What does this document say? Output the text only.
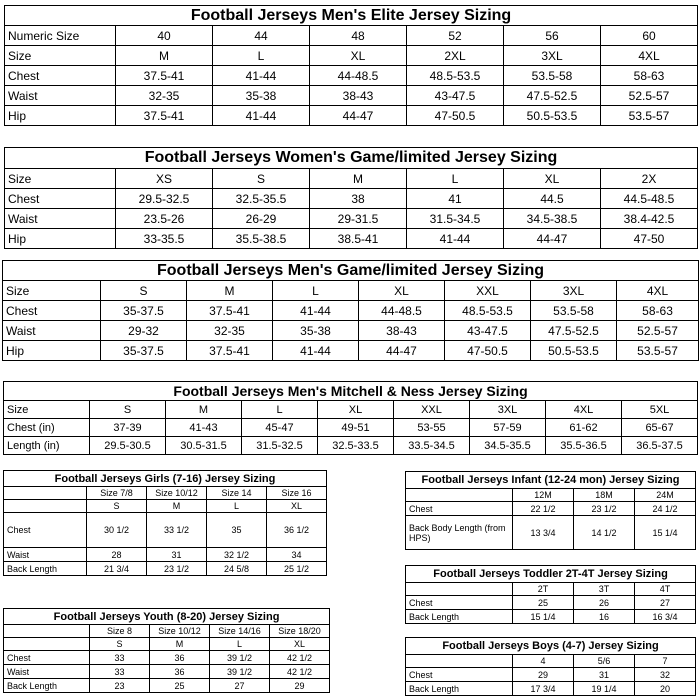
Football Jerseys Men's Elite Jersey Sizing						
Numeric Size	40	44	48	52	56	60
Size	M	L	XL	2XL	3XL	4XL
Chest	37.5-41	41-44	44-48.5	48.5-53.5	53.5-58	58-63
Waist	32-35	35-38	38-43	43-47.5	47.5-52.5	52.5-57
Hip	37.5-41	41-44	44-47	47-50.5	50.5-53.5	53.5-57
Football Jerseys Women's Game/limited Jersey Sizing						
Size	XS	S	M	L	XL	2X
Chest	29.5-32.5	32.5-35.5	38	41	44.5	44.5-48.5
Waist	23.5-26	26-29	29-31.5	31.5-34.5	34.5-38.5	38.4-42.5
Hip	33-35.5	35.5-38.5	38.5-41	41-44	44-47	47-50
Football Jerseys Men's Game/limited Jersey Sizing							
Size	S	M	L	XL	XXL	3XL	4XL
Chest	35-37.5	37.5-41	41-44	44-48.5	48.5-53.5	53.5-58	58-63
Waist	29-32	32-35	35-38	38-43	43-47.5	47.5-52.5	52.5-57
Hip	35-37.5	37.5-41	41-44	44-47	47-50.5	50.5-53.5	53.5-57
Football Jerseys Men's Mitchell & Ness Jersey Sizing								
Size	S	M	L	XL	XXL	3XL	4XL	5XL
Chest (in)	37-39	41-43	45-47	49-51	53-55	57-59	61-62	65-67
Length (in)	29.5-30.5	30.5-31.5	31.5-32.5	32.5-33.5	33.5-34.5	34.5-35.5	35.5-36.5	36.5-37.5
Football Jerseys Girls (7-16) Jersey Sizing				
	Size 7/8	Size 10/12	Size 14	Size 16
	S	M	L	XL
Chest	30 1/2	33 1/2	35	36 1/2
Waist	28	31	32 1/2	34
Back Length	21 3/4	23 1/2	24 5/8	25 1/2
Football Jerseys Youth (8-20) Jersey Sizing				
	Size 8	Size 10/12	Size 14/16	Size 18/20
	S	M	L	XL
Chest	33	36	39 1/2	42 1/2
Waist	33	36	39 1/2	42 1/2
Back Length	23	25	27	29
Football Jerseys Infant (12-24 mon) Jersey Sizing			
	12M	18M	24M
Chest	22 1/2	23 1/2	24 1/2
Back Body Length (from HPS)	13 3/4	14 1/2	15 1/4
Football Jerseys Toddler 2T-4T Jersey Sizing			
	2T	3T	4T
Chest	25	26	27
Back Length	15 1/4	16	16 3/4
Football Jerseys Boys (4-7) Jersey Sizing			
	4	5/6	7
Chest	29	31	32
Back Length	17 3/4	19 1/4	20
